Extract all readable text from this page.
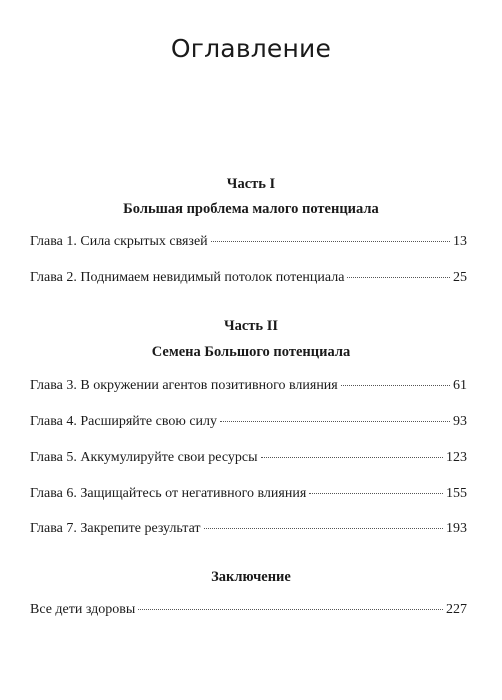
Оглавление
Часть I
Большая проблема малого потенциала
Глава 1. Сила скрытых связей	13
Глава 2. Поднимаем невидимый потолок потенциала	25
Часть II
Семена Большого потенциала
Глава 3. В окружении агентов позитивного влияния	61
Глава 4. Расширяйте свою силу	93
Глава 5. Аккумулируйте свои ресурсы	123
Глава 6. Защищайтесь от негативного влияния	155
Глава 7. Закрепите результат	193
Заключение
Все дети здоровы	227
